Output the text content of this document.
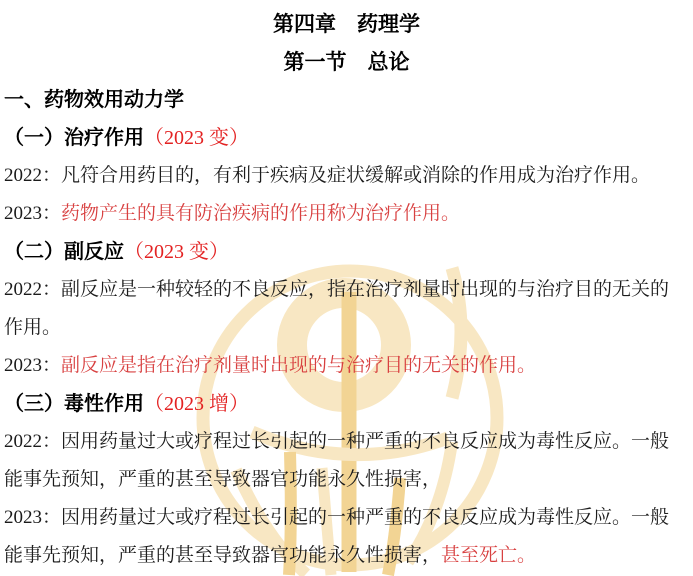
第四章　药理学
第一节　总论
一、药物效用动力学
（一）治疗作用（2023 变）
2022：凡符合用药目的，有利于疾病及症状缓解或消除的作用成为治疗作用。
2023：药物产生的具有防治疾病的作用称为治疗作用。
（二）副反应（2023 变）
2022：副反应是一种较轻的不良反应，指在治疗剂量时出现的与治疗目的无关的
作用。
2023：副反应是指在治疗剂量时出现的与治疗目的无关的作用。
（三）毒性作用（2023 增）
2022：因用药量过大或疗程过长引起的一种严重的不良反应成为毒性反应。一般
能事先预知，严重的甚至导致器官功能永久性损害，
2023：因用药量过大或疗程过长引起的一种严重的不良反应成为毒性反应。一般
能事先预知，严重的甚至导致器官功能永久性损害，甚至死亡。
